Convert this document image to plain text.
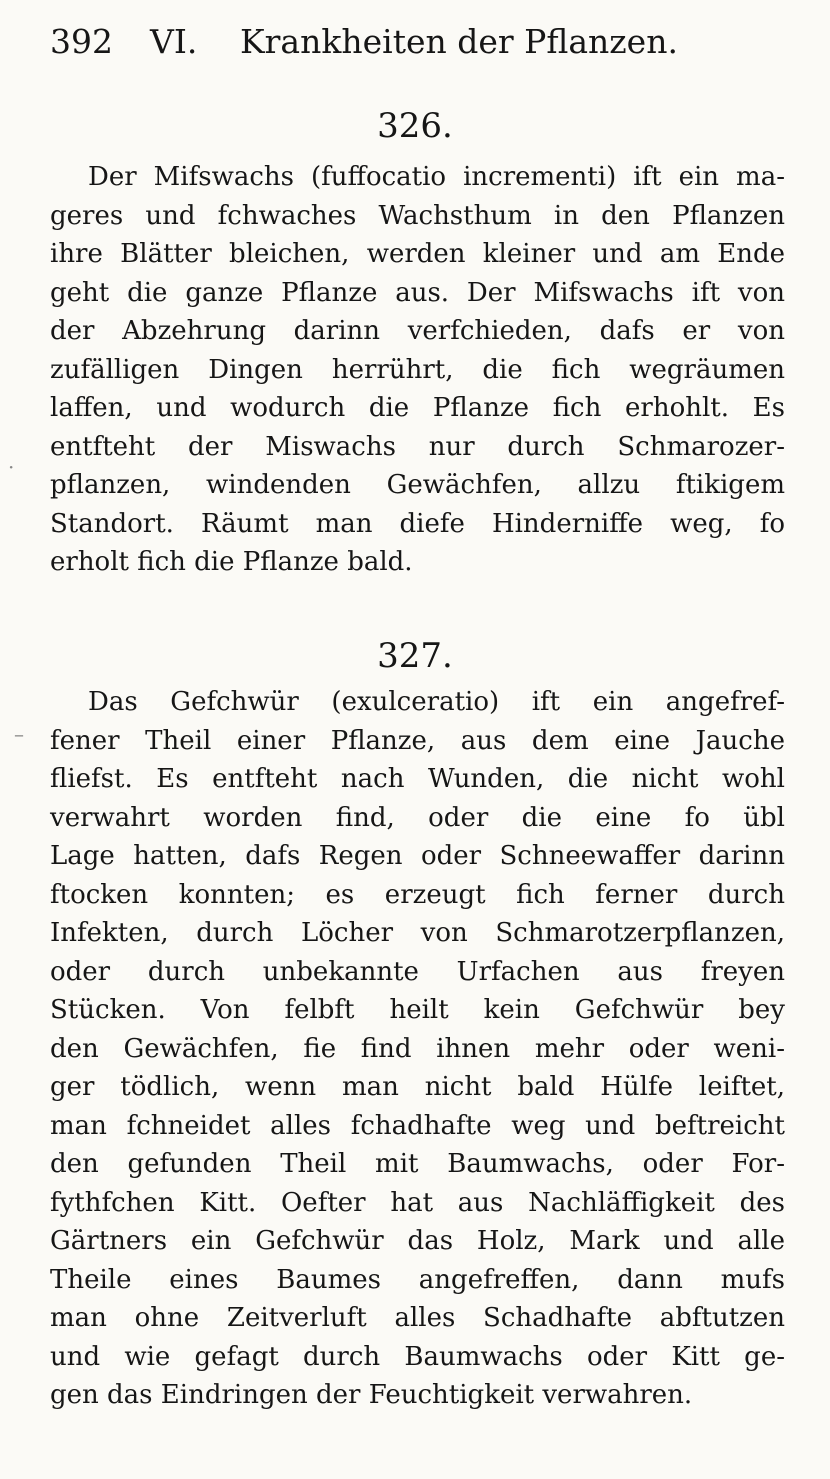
392 VI. Krankheiten der Pflanzen.
326.
Der Mifswachs (fuffocatio incrementi) ift ein ma-
geres und fchwaches Wachsthum in den Pflanzen
ihre Blätter bleichen, werden kleiner und am Ende
geht die ganze Pflanze aus. Der Mifswachs ift von
der Abzehrung darinn verfchieden, dafs er von
zufälligen Dingen herrührt, die fich wegräumen
laffen, und wodurch die Pflanze fich erhohlt. Es
entfteht der Miswachs nur durch Schmarozer-
pflanzen, windenden Gewächfen, allzu ftikigem
Standort. Räumt man diefe Hinderniffe weg, fo
erholt fich die Pflanze bald.
327.
Das Gefchwür (exulceratio) ift ein angefref-
fener Theil einer Pflanze, aus dem eine Jauche
fliefst. Es entfteht nach Wunden, die nicht wohl
verwahrt worden find, oder die eine fo übl
Lage hatten, dafs Regen oder Schneewaffer darinn
ftocken konnten; es erzeugt fich ferner durch
Infekten, durch Löcher von Schmarotzerpflanzen,
oder durch unbekannte Urfachen aus freyen
Stücken. Von felbft heilt kein Gefchwür bey
den Gewächfen, fie find ihnen mehr oder weni-
ger tödlich, wenn man nicht bald Hülfe leiftet,
man fchneidet alles fchadhafte weg und beftreicht
den gefunden Theil mit Baumwachs, oder For-
fythfchen Kitt. Oefter hat aus Nachläffigkeit des
Gärtners ein Gefchwür das Holz, Mark und alle
Theile eines Baumes angefreffen, dann mufs
man ohne Zeitverluft alles Schadhafte abftutzen
und wie gefagt durch Baumwachs oder Kitt ge-
gen das Eindringen der Feuchtigkeit verwahren.
·
–
